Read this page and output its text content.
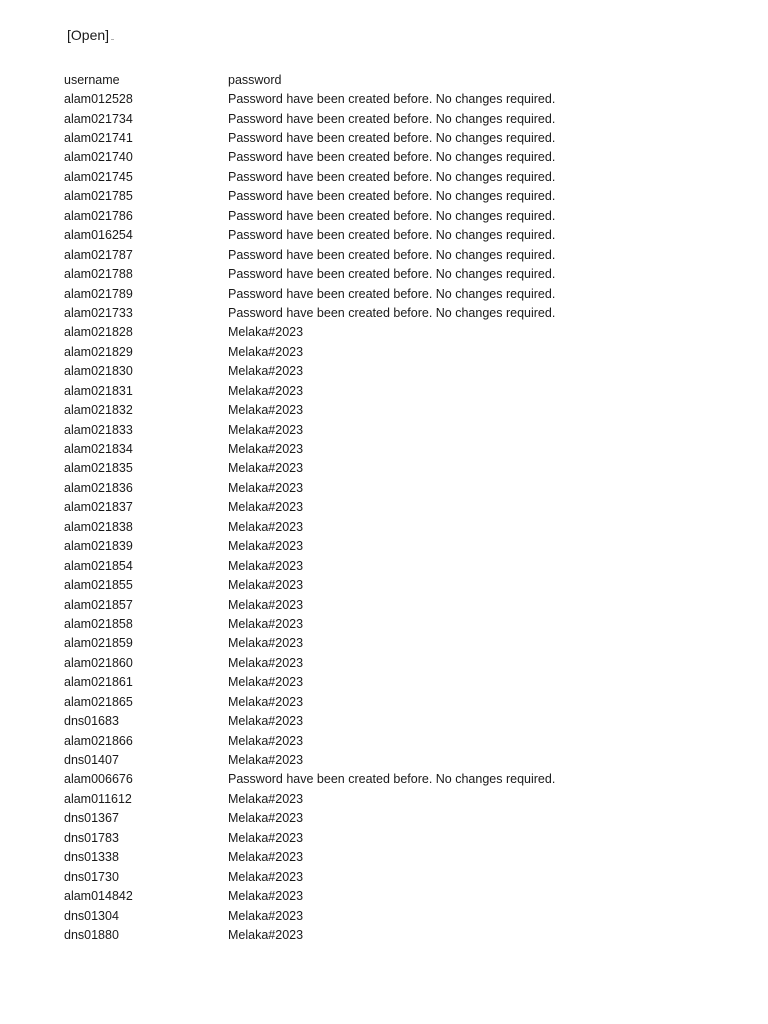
[Open]
username	password
alam012528	Password have been created before. No changes required.
alam021734	Password have been created before. No changes required.
alam021741	Password have been created before. No changes required.
alam021740	Password have been created before. No changes required.
alam021745	Password have been created before. No changes required.
alam021785	Password have been created before. No changes required.
alam021786	Password have been created before. No changes required.
alam016254	Password have been created before. No changes required.
alam021787	Password have been created before. No changes required.
alam021788	Password have been created before. No changes required.
alam021789	Password have been created before. No changes required.
alam021733	Password have been created before. No changes required.
alam021828	Melaka#2023
alam021829	Melaka#2023
alam021830	Melaka#2023
alam021831	Melaka#2023
alam021832	Melaka#2023
alam021833	Melaka#2023
alam021834	Melaka#2023
alam021835	Melaka#2023
alam021836	Melaka#2023
alam021837	Melaka#2023
alam021838	Melaka#2023
alam021839	Melaka#2023
alam021854	Melaka#2023
alam021855	Melaka#2023
alam021857	Melaka#2023
alam021858	Melaka#2023
alam021859	Melaka#2023
alam021860	Melaka#2023
alam021861	Melaka#2023
alam021865	Melaka#2023
dns01683	Melaka#2023
alam021866	Melaka#2023
dns01407	Melaka#2023
alam006676	Password have been created before. No changes required.
alam011612	Melaka#2023
dns01367	Melaka#2023
dns01783	Melaka#2023
dns01338	Melaka#2023
dns01730	Melaka#2023
alam014842	Melaka#2023
dns01304	Melaka#2023
dns01880	Melaka#2023
